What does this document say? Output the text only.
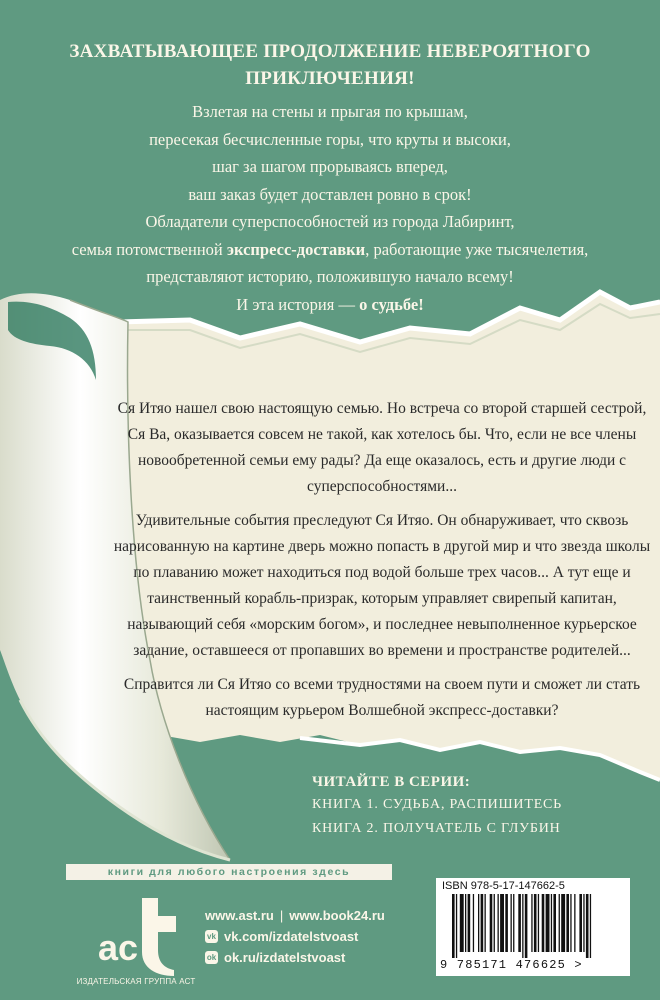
ЗАХВАТЫВАЮЩЕЕ ПРОДОЛЖЕНИЕ НЕВЕРОЯТНОГО ПРИКЛЮЧЕНИЯ!

Взлетая на стены и прыгая по крышам,

пересекая бесчисленные горы, что круты и высоки,

шаг за шагом прорываясь вперед,

ваш заказ будет доставлен ровно в срок!

Обладатели суперспособностей из города Лабиринт,

семья потомственной экспресс-доставки, работающие уже тысячелетия,

представляют историю, положившую начало всему!

И эта история — о судьбе!

Ся Итяо нашел свою настоящую семью. Но встреча со второй старшей сестрой, Ся Ва, оказывается совсем не такой, как хотелось бы. Что, если не все члены новообретенной семьи ему рады? Да еще оказалось, есть и другие люди с суперспособностями...

Удивительные события преследуют Ся Итяо. Он обнаруживает, что сквозь нарисованную на картине дверь можно попасть в другой мир и что звезда школы по плаванию может находиться под водой больше трех часов... А тут еще и таинственный корабль-призрак, которым управляет свирепый капитан, называющий себя «морским богом», и последнее невыполненное курьерское задание, оставшееся от пропавших во времени и пространстве родителей...

Справится ли Ся Итяо со всеми трудностями на своем пути и сможет ли стать настоящим курьером Волшебной экспресс-доставки?

ЧИТАЙТЕ В СЕРИИ:
КНИГА 1. СУДЬБА, РАСПИШИТЕСЬ
КНИГА 2. ПОЛУЧАТЕЛЬ С ГЛУБИН
книги для любого настроения здесь
ac
ИЗДАТЕЛЬСКАЯ ГРУППА АСТ
www.ast.ru | www.book24.ru
vk vk.com/izdatelstvoast
ok ok.ru/izdatelstvoast
ISBN 978-5-17-147662-5
9 785171 476625 >
